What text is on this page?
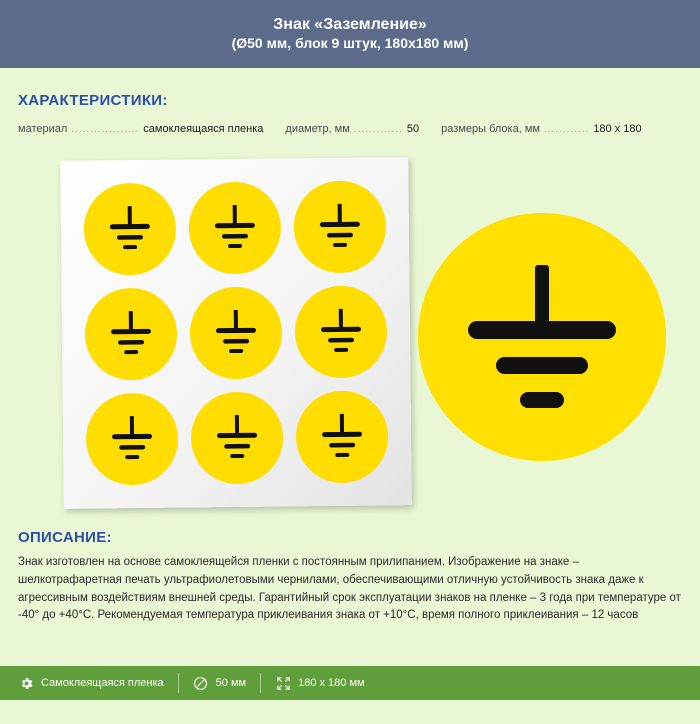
Знак «Заземление»
(Ø50 мм, блок 9 штук, 180x180 мм)
ХАРАКТЕРИСТИКИ:
материал .................. самоклеящаяся пленка диаметр, мм ............. 50 размеры блока, мм ............ 180 х 180
ОПИСАНИЕ:
Знак изготовлен на основе самоклеящейся пленки с постоянным прилипанием. Изображение на знаке – шелкотрафаретная печать ультрафиолетовыми чернилами, обеспечивающими отличную устойчивость знака даже к агрессивным воздействиям внешней среды. Гарантийный срок эксплуатации знаков на пленке – 3 года при температуре от -40° до +40°C. Рекомендуемая температура приклеивания знака от +10°C, время полного приклеивания – 12 часов
Самоклеящаяся пленка	50 мм	180 х 180 мм
